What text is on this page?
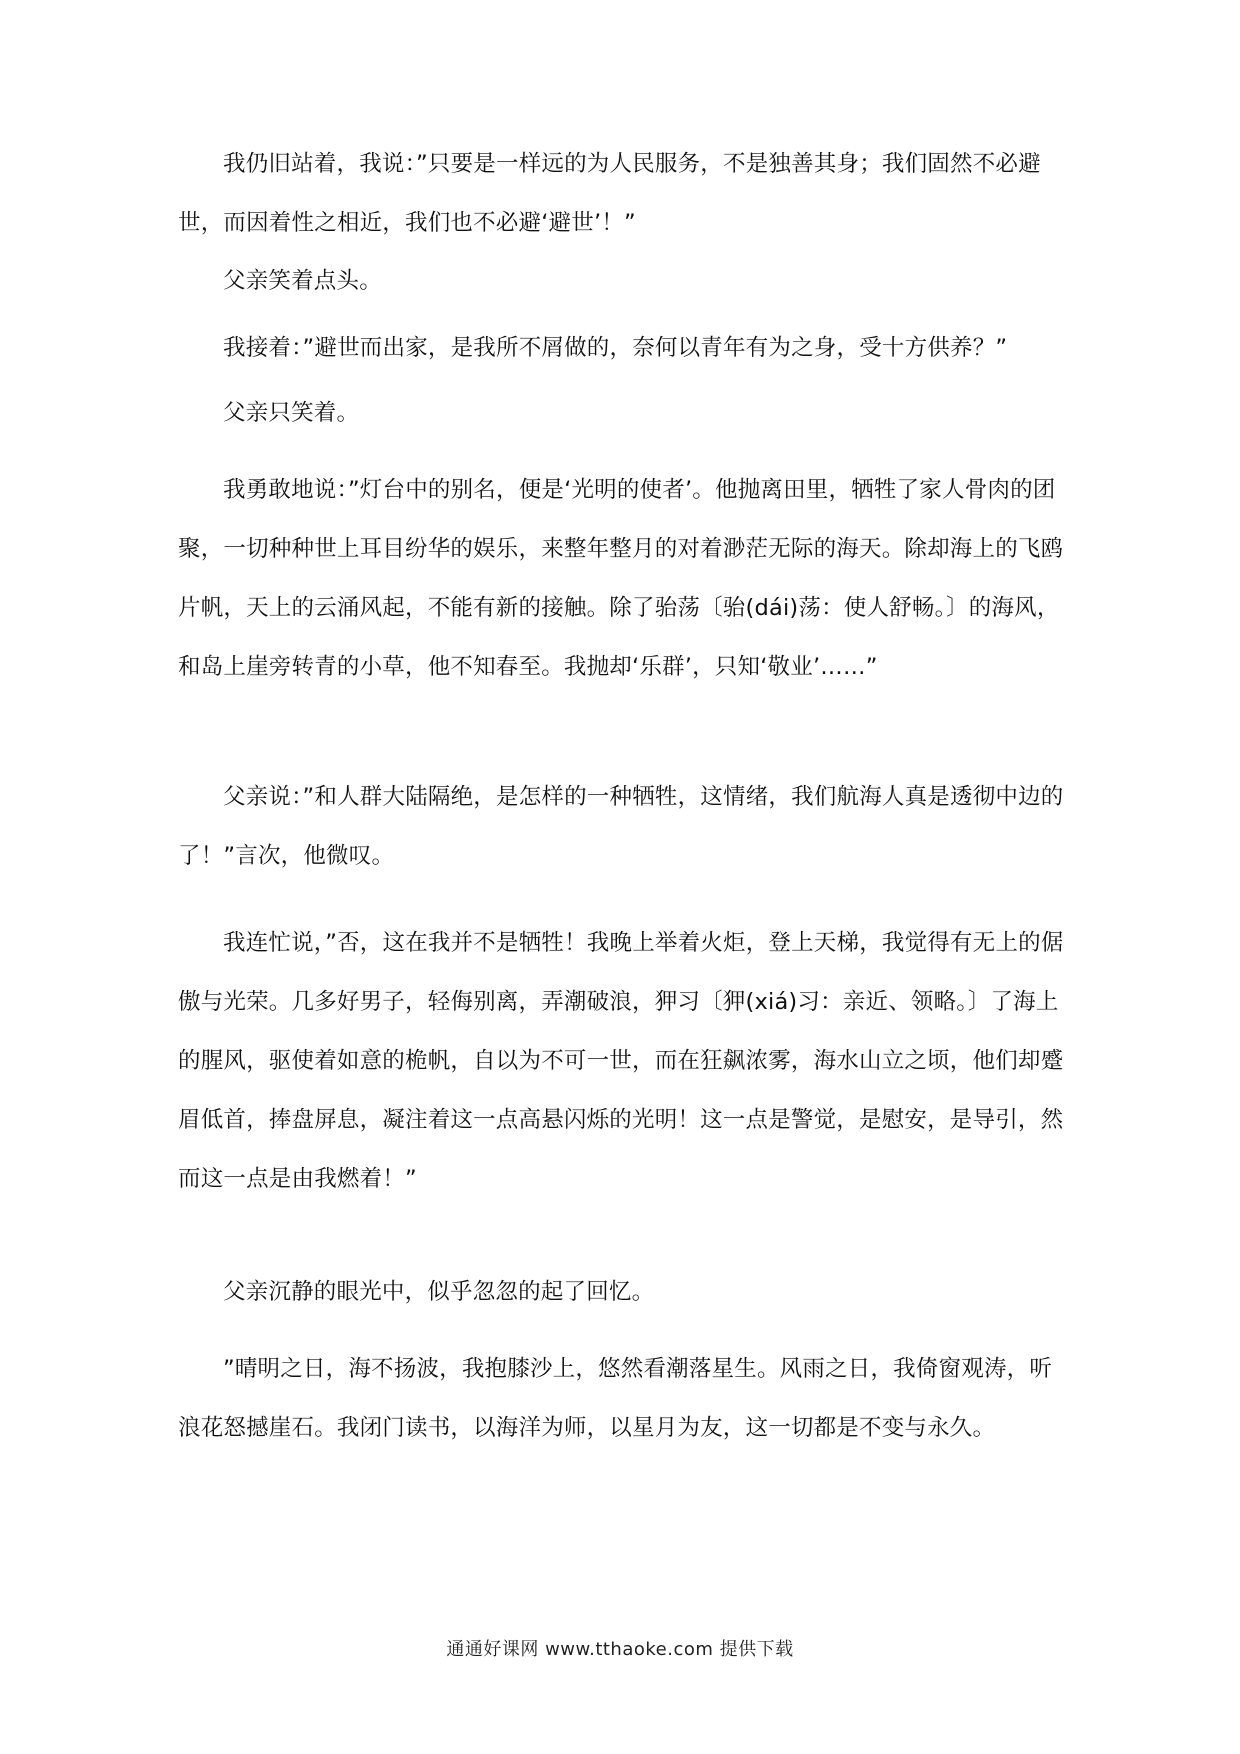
我仍旧站着，我说：”只要是一样远的为人民服务，不是独善其身；我们固然不必避世，而因着性之相近，我们也不必避‘避世’！”

父亲笑着点头。

我接着：”避世而出家，是我所不屑做的，奈何以青年有为之身，受十方供养？”

父亲只笑着。

我勇敢地说：”灯台中的别名，便是‘光明的使者’。他抛离田里，牺牲了家人骨肉的团聚，一切种种世上耳目纷华的娱乐，来整年整月的对着渺茫无际的海天。除却海上的飞鸥片帆，天上的云涌风起，不能有新的接触。除了骀荡〔骀(dái)荡：使人舒畅。〕的海风，和岛上崖旁转青的小草，他不知春至。我抛却‘乐群’，只知‘敬业’……”

父亲说：”和人群大陆隔绝，是怎样的一种牺牲，这情绪，我们航海人真是透彻中边的了！”言次，他微叹。

我连忙说，”否，这在我并不是牺牲！我晚上举着火炬，登上天梯，我觉得有无上的倨傲与光荣。几多好男子，轻侮别离，弄潮破浪，狎习〔狎(xiá)习：亲近、领略。〕了海上的腥风，驱使着如意的桅帆，自以为不可一世，而在狂飙浓雾，海水山立之顷，他们却蹙眉低首，捧盘屏息，凝注着这一点高悬闪烁的光明！这一点是警觉，是慰安，是导引，然而这一点是由我燃着！”

父亲沉静的眼光中，似乎忽忽的起了回忆。

”晴明之日，海不扬波，我抱膝沙上，悠然看潮落星生。风雨之日，我倚窗观涛，听浪花怒撼崖石。我闭门读书，以海洋为师，以星月为友，这一切都是不变与永久。

通通好课网 www.tthaoke.com 提供下载
